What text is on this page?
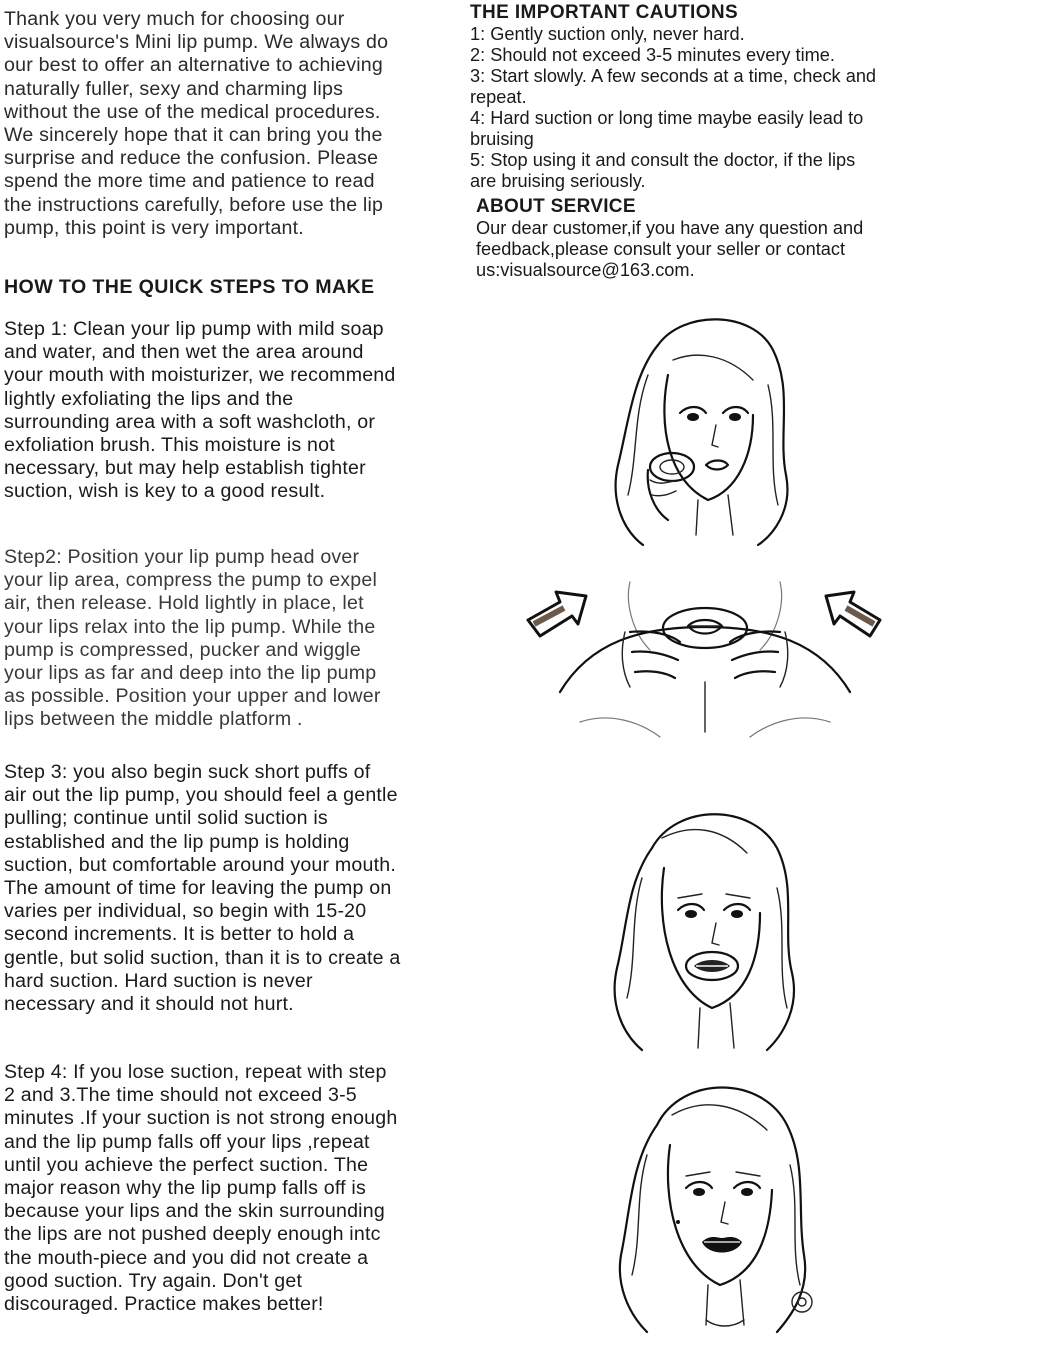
Thank you very much for choosing our
visualsource's Mini lip pump. We always do
our best to offer an alternative to achieving
naturally fuller, sexy and charming lips
without the use of the medical procedures.
We sincerely hope that it can bring you the
surprise and reduce the confusion. Please
spend the more time and patience to read
the instructions carefully, before use the lip
pump, this point is very important.

HOW TO THE QUICK STEPS TO MAKE

Step 1: Clean your lip pump with mild soap
and water, and then wet the area around
your mouth with moisturizer, we recommend
lightly exfoliating the lips and the
surrounding area with a soft washcloth, or
exfoliation brush. This moisture is not
necessary, but may help establish tighter
suction, wish is key to a good result.

Step2: Position your lip pump head over
your lip area, compress the pump to expel
air, then release. Hold lightly in place, let
your lips relax into the lip pump. While the
pump is compressed, pucker and wiggle
your lips as far and deep into the lip pump
as possible. Position your upper and lower
lips between the middle platform .

Step 3: you also begin suck short puffs of
air out the lip pump, you should feel a gentle
pulling; continue until solid suction is
established and the lip pump is holding
suction, but comfortable around your mouth.
The amount of time for leaving the pump on
varies per individual, so begin with 15-20
second increments. It is better to hold a
gentle, but solid suction, than it is to create a
hard suction. Hard suction is never
necessary and it should not hurt.

Step 4: If you lose suction, repeat with step
2 and 3.The time should not exceed 3-5
minutes .If your suction is not strong enough
and the lip pump falls off your lips ,repeat
until you achieve the perfect suction. The
major reason why the lip pump falls off is
because your lips and the skin surrounding
the lips are not pushed deeply enough intc
the mouth-piece and you did not create a
good suction. Try again. Don't get
discouraged. Practice makes better!

THE IMPORTANT CAUTIONS

1: Gently suction only, never hard.

2: Should not exceed 3-5 minutes every time.

3: Start slowly. A few seconds at a time, check and
repeat.

4: Hard suction or long time maybe easily lead to
bruising

5: Stop using it and consult the doctor, if the lips
are bruising seriously.

ABOUT SERVICE

Our dear customer,if you have any question and
feedback,please consult your seller or contact
us:visualsource@163.com.
